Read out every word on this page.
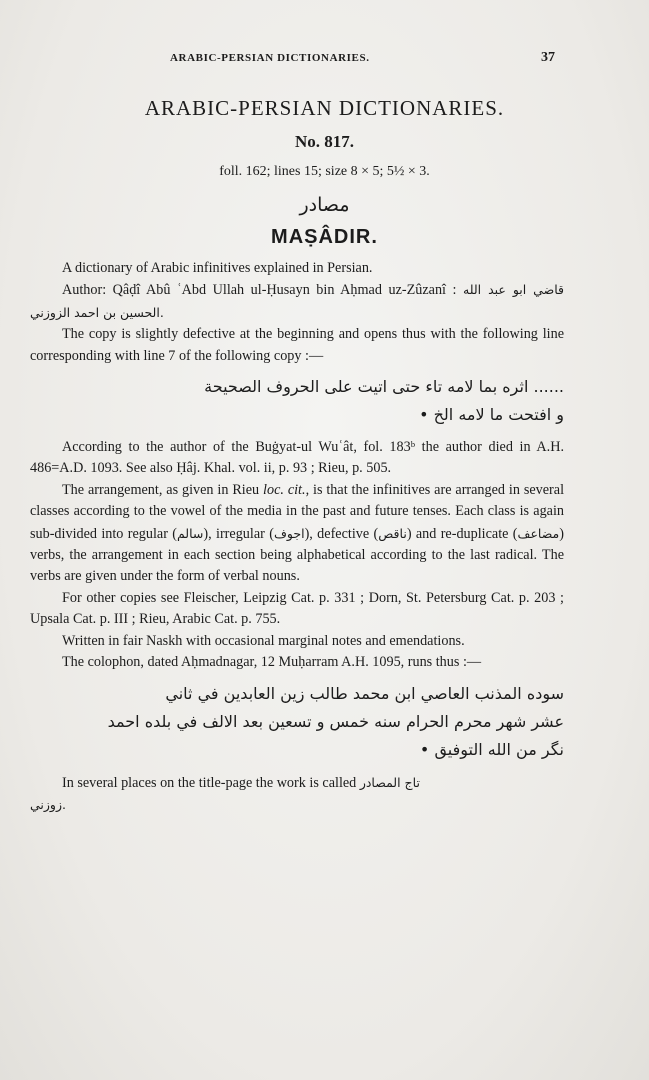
ARABIC-PERSIAN DICTIONARIES.	37
ARABIC-PERSIAN DICTIONARIES.
No. 817.
foll. 162; lines 15; size 8 × 5; 5½ × 3.
مصادر
MAṢÂDIR.

A dictionary of Arabic infinitives explained in Persian.

Author: Qâḍî Abû ʿAbd Ullah ul-Ḥusayn bin Aḥmad uz-Zûzanî : قاضي ابو عبد الله الحسين بن احمد الزوزني.

The copy is slightly defective at the beginning and opens thus with the following line corresponding with line 7 of the following copy :—

...... اثره بما لامه تاء حتى اتيت على الحروف الصحيحة
و افتحت ما لامه الخ •

According to the author of the Buġyat-ul Wuʿât, fol. 183ᵇ the author died in A.H. 486=A.D. 1093. See also Ḥâj. Khal. vol. ii, p. 93 ; Rieu, p. 505.

The arrangement, as given in Rieu loc. cit., is that the infinitives are arranged in several classes according to the vowel of the media in the past and future tenses. Each class is again sub-divided into regular (سالم), irregular (اجوف), defective (ناقص) and re-duplicate (مضاعف) verbs, the arrangement in each section being alphabetical according to the last radical. The verbs are given under the form of verbal nouns.

For other copies see Fleischer, Leipzig Cat. p. 331 ; Dorn, St. Petersburg Cat. p. 203 ; Upsala Cat. p. III ; Rieu, Arabic Cat. p. 755.

Written in fair Naskh with occasional marginal notes and emendations.

The colophon, dated Aḥmadnagar, 12 Muḥarram A.H. 1095, runs thus :—

سوده المذنب العاصي ابن محمد طالب زين العابدين في ثاني
عشر شهر محرم الحرام سنه خمس و تسعين بعد الالف في بلده احمد
نگر من الله التوفيق •

In several places on the title-page the work is called تاج المصادر

زوزني.
